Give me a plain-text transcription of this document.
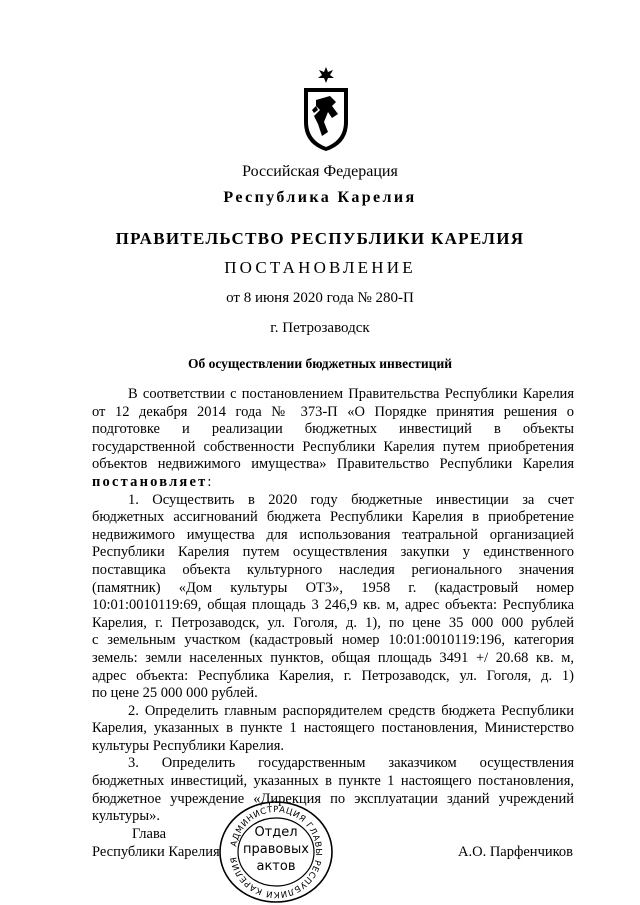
Российская Федерация
Республика Карелия
ПРАВИТЕЛЬСТВО РЕСПУБЛИКИ КАРЕЛИЯ
ПОСТАНОВЛЕНИЕ
от 8 июня 2020 года № 280-П
г. Петрозаводск
Об осуществлении бюджетных инвестиций
В соответствии с постановлением Правительства Республики Карелия
от 12 декабря 2014 года № 373-П «О Порядке принятия решения о
подготовке и реализации бюджетных инвестиций в объекты
государственной собственности Республики Карелия путем приобретения
объектов недвижимого имущества» Правительство Республики Карелия
постановляет:
1. Осуществить в 2020 году бюджетные инвестиции за счет
бюджетных ассигнований бюджета Республики Карелия в приобретение
недвижимого имущества для использования театральной организацией
Республики Карелия путем осуществления закупки у единственного
поставщика объекта культурного наследия регионального значения
(памятник) «Дом культуры ОТЗ», 1958 г. (кадастровый номер
10:01:0010119:69, общая площадь 3 246,9 кв. м, адрес объекта: Республика
Карелия, г. Петрозаводск, ул. Гоголя, д. 1), по цене 35 000 000 рублей
с земельным участком (кадастровый номер 10:01:0010119:196, категория
земель: земли населенных пунктов, общая площадь 3491 +/ 20.68 кв. м,
адрес объекта: Республика Карелия, г. Петрозаводск, ул. Гоголя, д. 1)
по цене 25 000 000 рублей.
2. Определить главным распорядителем средств бюджета Республики
Карелия, указанных в пункте 1 настоящего постановления, Министерство
культуры Республики Карелия.
3. Определить государственным заказчиком осуществления
бюджетных инвестиций, указанных в пункте 1 настоящего постановления,
бюджетное учреждение «Дирекция по эксплуатации зданий учреждений
культуры».
Глава
Республики Карелия	А.О. Парфенчиков
АДМИНИСТРАЦИЯ ГЛАВЫ РЕСПУБЛИКИ КАРЕЛИЯ
Отдел
правовых
актов
